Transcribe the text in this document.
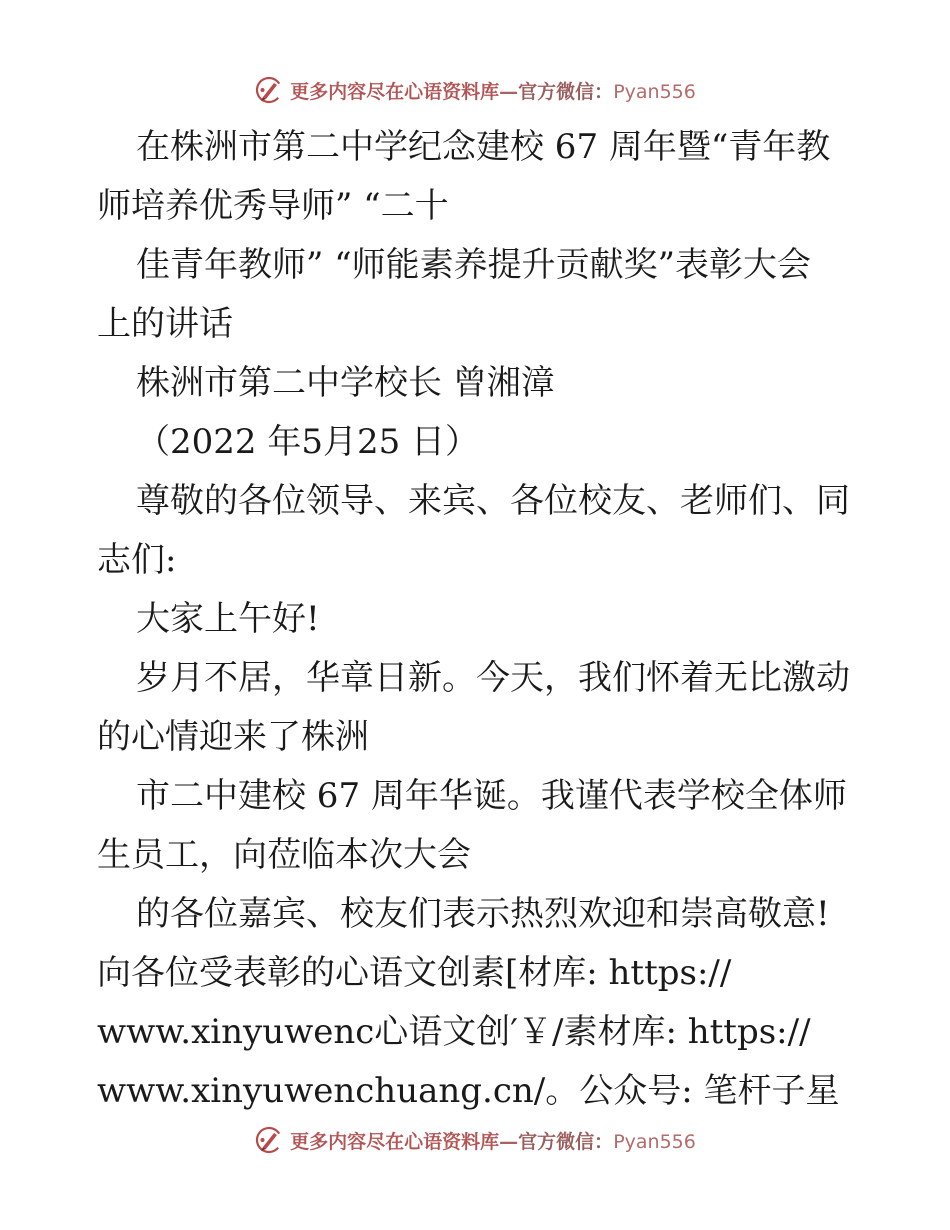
更多内容尽在心语资料库—官方微信：Pyan556
在株洲市第二中学纪念建校 67 周年暨“青年教
师培养优秀导师” “二十
佳青年教师” “师能素养提升贡献奖”表彰大会
上的讲话
株洲市第二中学校长 曾湘漳
（2022 年5月25 日）
尊敬的各位领导、来宾、各位校友、老师们、同
志们:
大家上午好!
岁月不居，华章日新。今天，我们怀着无比激动
的心情迎来了株洲
市二中建校 67 周年华诞。我谨代表学校全体师
生员工，向莅临本次大会
的各位嘉宾、校友们表示热烈欢迎和崇高敬意!
向各位受表彰的心语文创素[材库: https://
www.xinyuwenc心语文创′￥/素材库: https://
www.xinyuwenchuang.cn/。公众号: 笔杆子星
更多内容尽在心语资料库—官方微信：Pyan556
